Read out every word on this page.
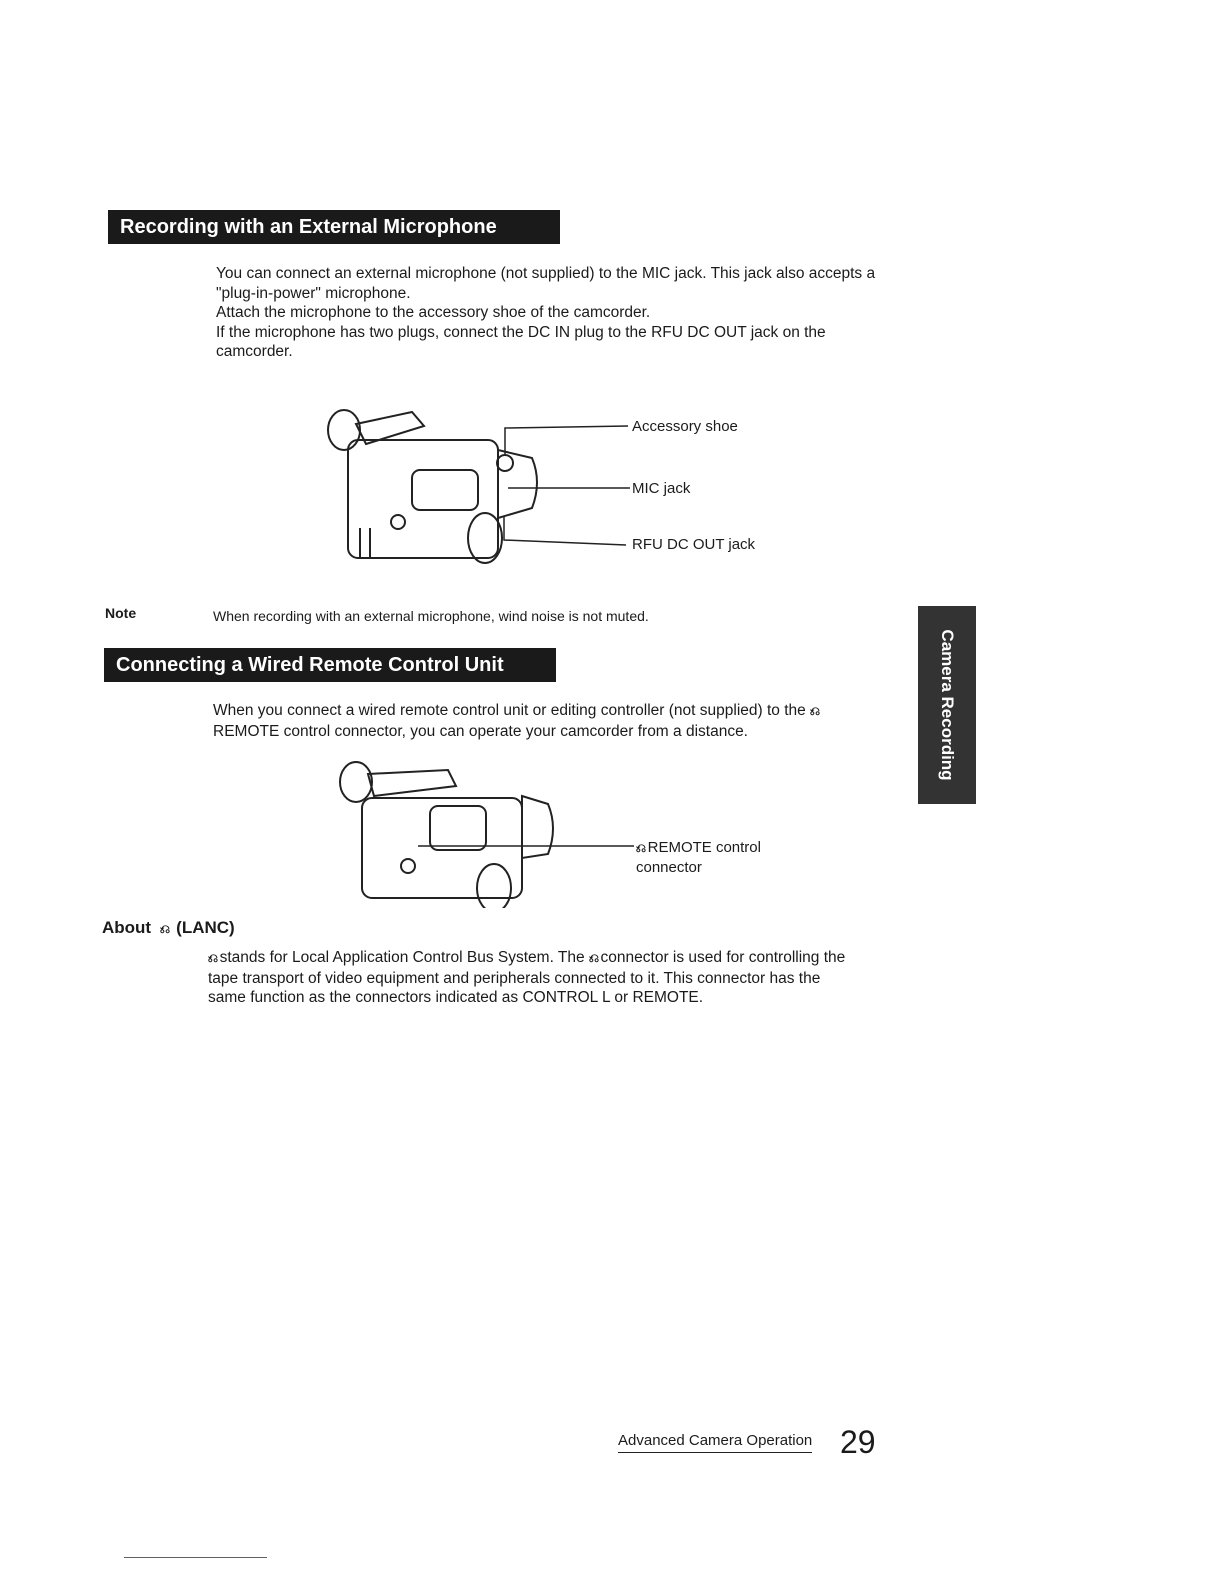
Recording with an External Microphone

You can connect an external microphone (not supplied) to the MIC jack. This jack also accepts a "plug-in-power" microphone.

Attach the microphone to the accessory shoe of the camcorder.

If the microphone has two plugs, connect the DC IN plug to the RFU DC OUT jack on the camcorder.

Accessory shoe
MIC jack
RFU DC OUT jack
Note	When recording with an external microphone, wind noise is not muted.
Connecting a Wired Remote Control Unit

When you connect a wired remote control unit or editing controller (not supplied) to the ⎌
REMOTE control connector, you can operate your camcorder from a distance.

⎌ REMOTE control
connector
About ⎌ (LANC)

⎌ stands for Local Application Control Bus System. The ⎌ connector is used for controlling the tape transport of video equipment and peripherals connected to it. This connector has the same function as the connectors indicated as CONTROL L or REMOTE.

Camera Recording
Advanced Camera Operation 29
